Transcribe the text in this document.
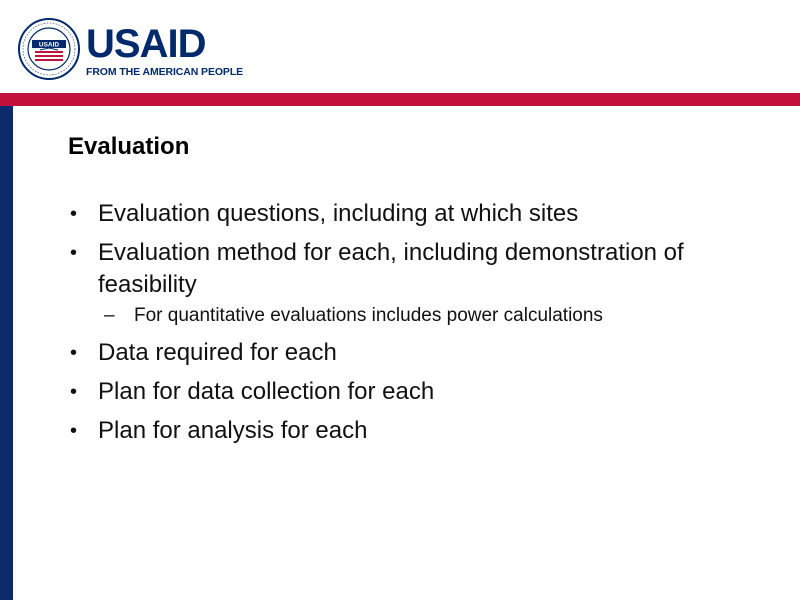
USAID USAID
FROM THE AMERICAN PEOPLE
Evaluation
• Evaluation questions, including at which sites
• Evaluation method for each, including demonstration of feasibility
– For quantitative evaluations includes power calculations
• Data required for each
• Plan for data collection for each
• Plan for analysis for each
